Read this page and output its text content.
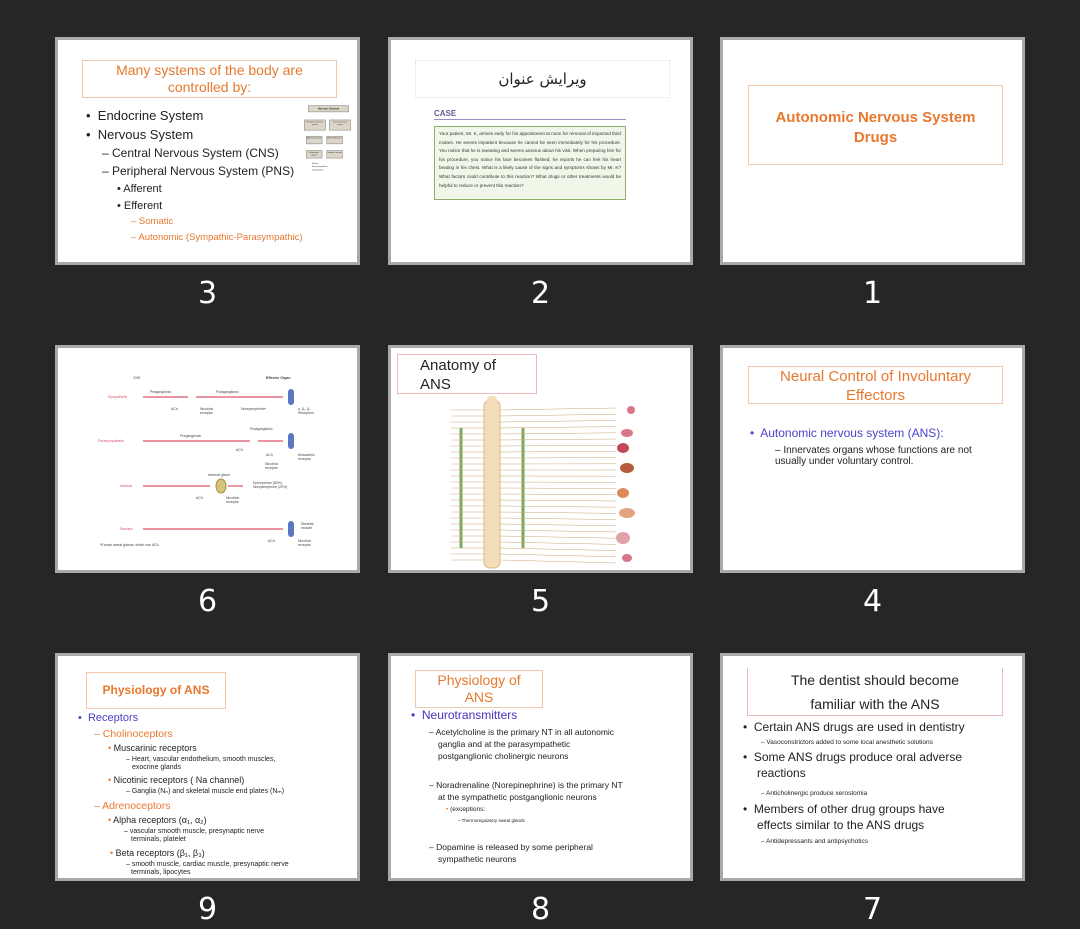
Many systems of the body are controlled by:
•  Endocrine System
•  Nervous System
– Central Nervous System (CNS)
– Peripheral Nervous System (PNS)
• Afferent
• Efferent
– Somatic
– Autonomic (Sympathic-Parasympathic)
Nervous System
Peripheral nervous system
Central nervous system
Afferent division	Efferent division
Autonomic system
Somatic system
Enteric
Parasympathetic
Sympathetic
3
ویرایش عنوان
CASE
Your patient, Mr. K, arrives early for his appointment at noon for removal of impacted third molars. He seems impatient because he cannot be seen immediately for his procedure. You notice that he is sweating and seems anxious about his visit. When preparing him for his procedure, you notice his face becomes flushed; he reports he can feel his heart beating in his chest. What is a likely cause of the signs and symptoms shown by Mr. K? What factors could contribute to this reaction? What drugs or other treatments would be helpful to reduce or prevent this reaction?
2
Autonomic Nervous System Drugs
1
CNS	Effector Organ
Sympathetic
Preganglionic	Postganglionic
ACh	Nicotinic receptor
Norepinephrine*	α, β₁, β₂ Receptors
Parasympathetic
Preganglionic
Postganglionic
ACh
ACh	Muscarinic receptor
Nicotinic receptor
Adrenal
Adrenal gland
Epinephrine (80%) Norepinephrine (20%)
ACh	Nicotinic receptor
Somatic
Skeletal muscle
ACh	Nicotinic receptor
*Except sweat glands, which use ACh.
6
Anatomy of ANS
5
Neural Control of Involuntary Effectors
•  Autonomic nervous system (ANS):
– Innervates organs whose functions are not usually under voluntary control.
4
Physiology of ANS
•  Receptors
– Cholinoceptors
• Muscarinic receptors
– Heart, vascular endothelium, smooth muscles,
exocrine glands
• Nicotinic receptors ( Na channel)
– Ganglia (Nₙ) and skeletal muscle end plates (Nₘ)
– Adrenoceptors
• Alpha receptors (α₁, α₂)
– vascular smooth muscle, presynaptic nerve
terminals, platelet
• Beta receptors (β₁, β₃)
– smooth muscle, cardiac muscle, presynaptic nerve
terminals, lipocytes
9
Physiology of ANS
•  Neurotransmitters
– Acetylcholine is the primary NT in all autonomic
ganglia and at the parasympathetic
postganglionic cholinergic neurons
– Noradrenaline (Norepinephrine) is the primary NT
at the sympathetic postganglionic neurons
• (exceptions:
– Thermoregulatory sweat glands
– Dopamine is released by some peripheral
sympathetic neurons
8
The dentist should become familiar with the ANS
•  Certain ANS drugs are used in dentistry
– Vasoconstrictors added to some local anesthetic solutions
•  Some ANS drugs produce oral adverse
reactions
– Anticholinergic produce xerostomia
•  Members of other drug groups have
effects similar to the ANS drugs
– Antidepressants and antipsychotics
7
